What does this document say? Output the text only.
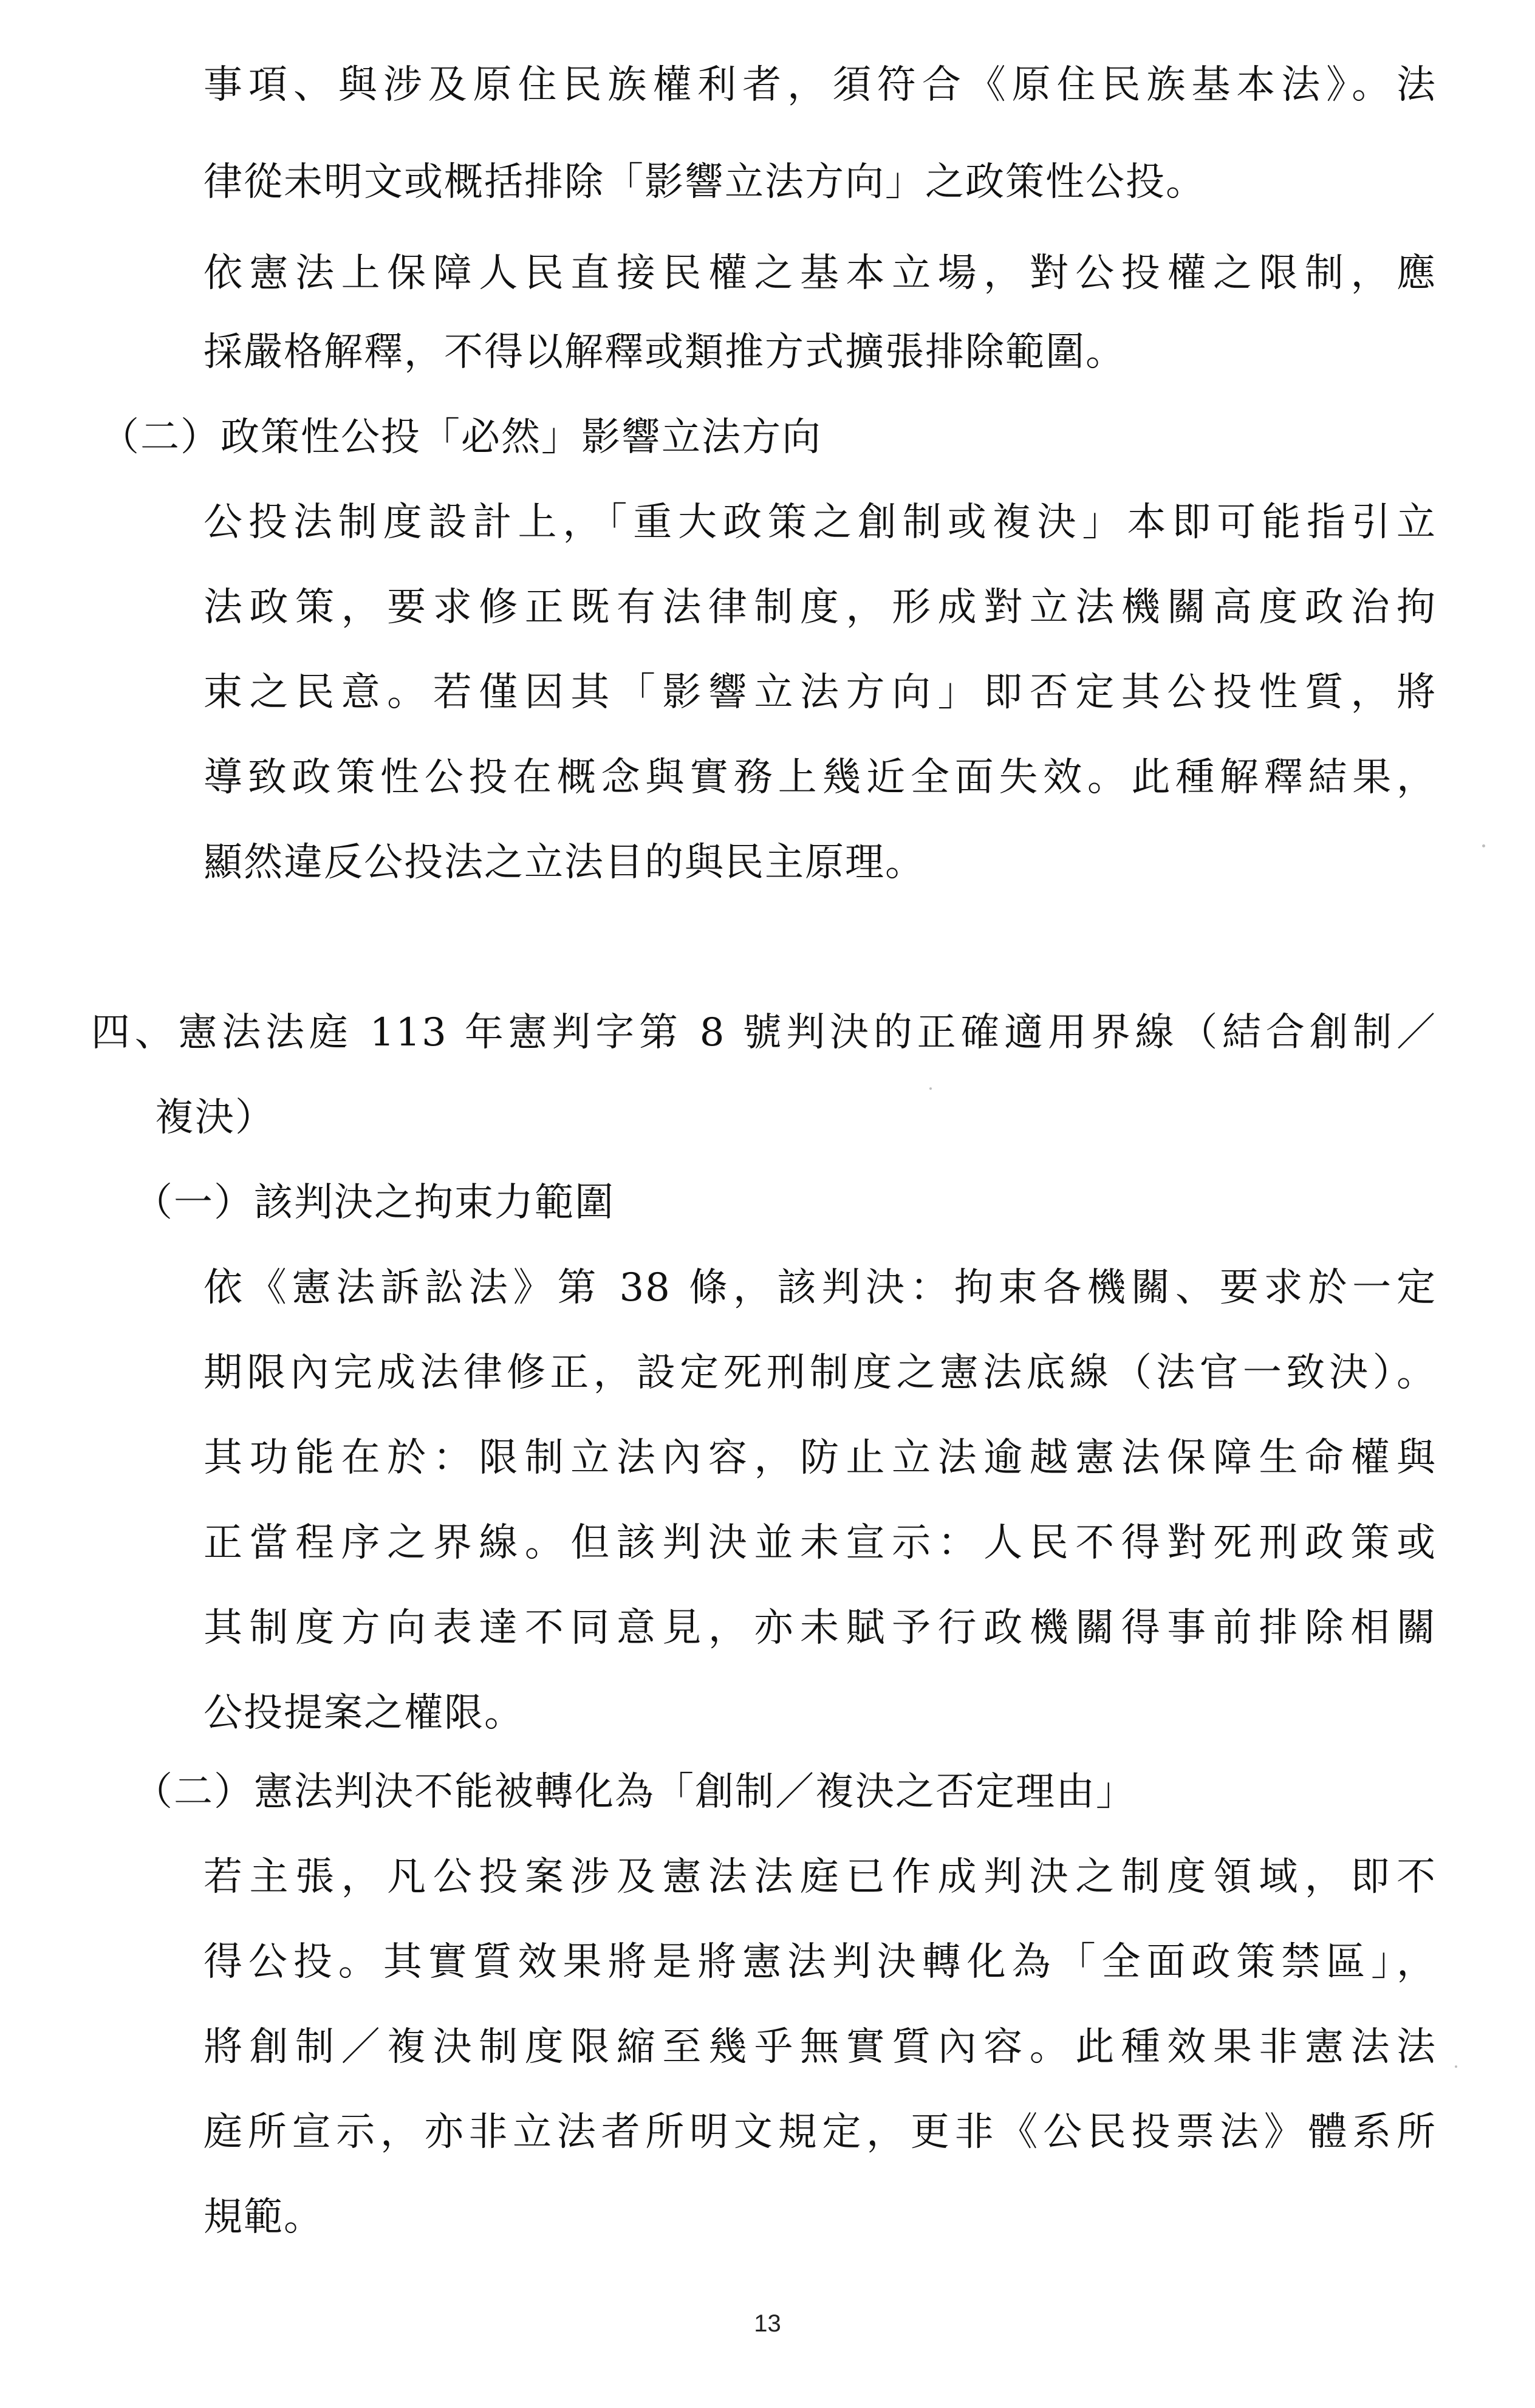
事項、與涉及原住民族權利者，須符合《原住民族基本法》。法
律從未明文或概括排除「影響立法方向」之政策性公投。
依憲法上保障人民直接民權之基本立場，對公投權之限制，應
採嚴格解釋，不得以解釋或類推方式擴張排除範圍。
（二）政策性公投「必然」影響立法方向
公投法制度設計上，「重大政策之創制或複決」本即可能指引立
法政策，要求修正既有法律制度，形成對立法機關高度政治拘
束之民意。若僅因其「影響立法方向」即否定其公投性質，將
導致政策性公投在概念與實務上幾近全面失效。此種解釋結果，
顯然違反公投法之立法目的與民主原理。
四、憲法法庭 113 年憲判字第 8 號判決的正確適用界線（結合創制／
複決）
（一）該判決之拘束力範圍
依《憲法訴訟法》第 38 條，該判決：拘束各機關、要求於一定
期限內完成法律修正，設定死刑制度之憲法底線（法官一致決）。
其功能在於：限制立法內容，防止立法逾越憲法保障生命權與
正當程序之界線。但該判決並未宣示：人民不得對死刑政策或
其制度方向表達不同意見，亦未賦予行政機關得事前排除相關
公投提案之權限。
（二）憲法判決不能被轉化為「創制／複決之否定理由」
若主張，凡公投案涉及憲法法庭已作成判決之制度領域，即不
得公投。其實質效果將是將憲法判決轉化為「全面政策禁區」，
將創制／複決制度限縮至幾乎無實質內容。此種效果非憲法法
庭所宣示，亦非立法者所明文規定，更非《公民投票法》體系所
規範。
13
